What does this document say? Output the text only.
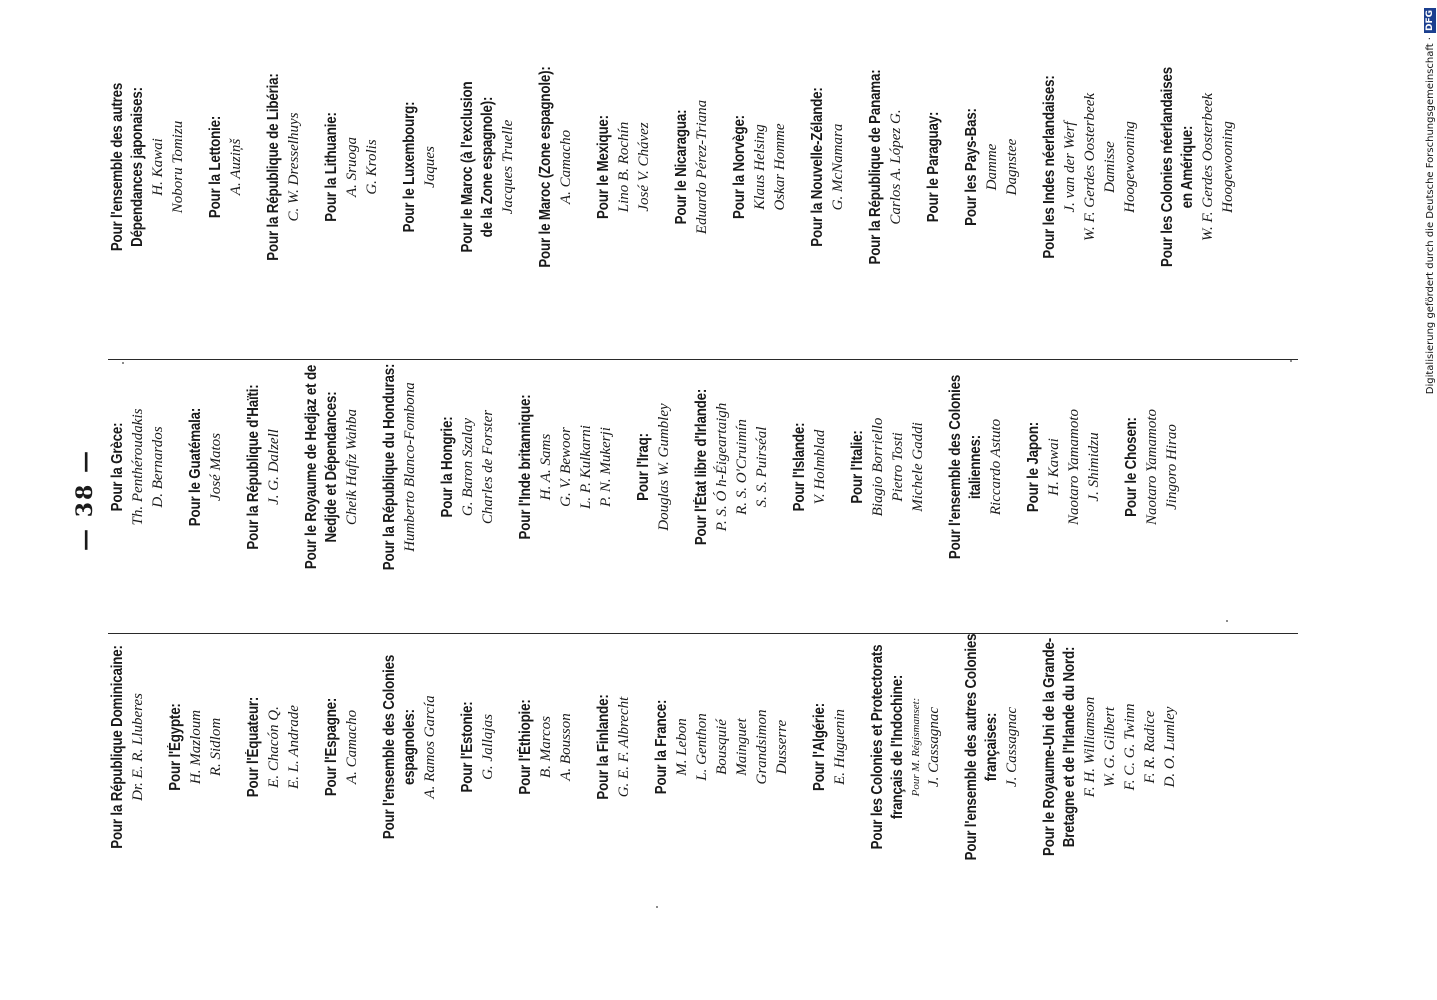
— 38 —
Pour la République Dominicaine: Dr. E. R. Lluberes Pour l'Égypte: H. Mazloum R. Sidlom Pour l'Équateur: E. Chacón Q. E. L. Andrade Pour l'Espagne: A. Camacho
Pour l'ensemble des Colonies
espagnoles: A. Ramos García Pour l'Estonie: G. Jallajas Pour l'Éthiopie: B. Marcos A. Bousson Pour la Finlande: G. E. F. Albrecht Pour la France: M. Lebon L. Genthon Bousquié Mainguet Grandsimon Dusserre Pour l'Algérie: E. Huguenin
Pour les Colonies et Protectorats
français de l'Indochine: Pour M. Régismanset: J. Cassagnac
Pour l'ensemble des autres Colonies
françaises: J. Cassagnac
Pour le Royaume-Uni de la Grande-
Bretagne et de l'Irlande du Nord:
F. H. Williamson W. G. Gilbert F. C. G. Twinn F. R. Radice D. O. Lumley
Pour la Grèce: Th. Penthéroudakis D. Bernardos Pour le Guatémala: José Matos Pour la République d'Haïti: J. G. Dalzell
Pour le Royaume de Hedjaz et de
Nedjde et Dépendances: Cheik Hafiz Wahba Pour la République du Honduras: Humberto Blanco-Fombona Pour la Hongrie: G. Baron Szalay Charles de Forster Pour l'Inde britannique: H. A. Sams G. V. Bewoor L. P. Kulkarni P. N. Mukerji Pour l'Iraq: Douglas W. Gumbley Pour l'État libre d'Irlande: P. S. Ó h-Éigeartaigh R. S. O'Cruimín S. S. Puirséal Pour l'Islande: V. Holmblad Pour l'Italie: Biagio Borriello Pietro Tosti Michele Gaddi
Pour l'ensemble des Colonies
italiennes: Riccardo Astuto Pour le Japon: H. Kawai Naotaro Yamamoto J. Shimidzu Pour le Chosen: Naotaro Yamamoto Jingoro Hirao
Pour l'ensemble des autres
Dépendances japonaises:
H. Kawai Noboru Tomizu Pour la Lettonie: A. Auziņš Pour la République de Libéria: C. W. Dresselhuys Pour la Lithuanie: A. Sruoga G. Krolis Pour le Luxembourg: Jaques
Pour le Maroc (à l'exclusion
de la Zone espagnole): Jacques Truelle Pour le Maroc (Zone espagnole): A. Camacho Pour le Mexique: Lino B. Rochín José V. Chávez Pour le Nicaragua: Eduardo Pérez-Triana Pour la Norvège: Klaus Helsing Oskar Homme Pour la Nouvelle-Zélande: G. McNamara Pour la République de Panama: Carlos A. López G. Pour le Paraguay: Pour les Pays-Bas: Damme Dagnstee Pour les Indes néerlandaises: J. van der Werf W. F. Gerdes Oosterbeek Damisse Hoogewooning
Pour les Colonies néerlandaises
en Amérique: W. F. Gerdes Oosterbeek Hoogewooning	Digitalisierung gefördert durch die Deutsche Forschungsgemeinschaft ·
DFG
